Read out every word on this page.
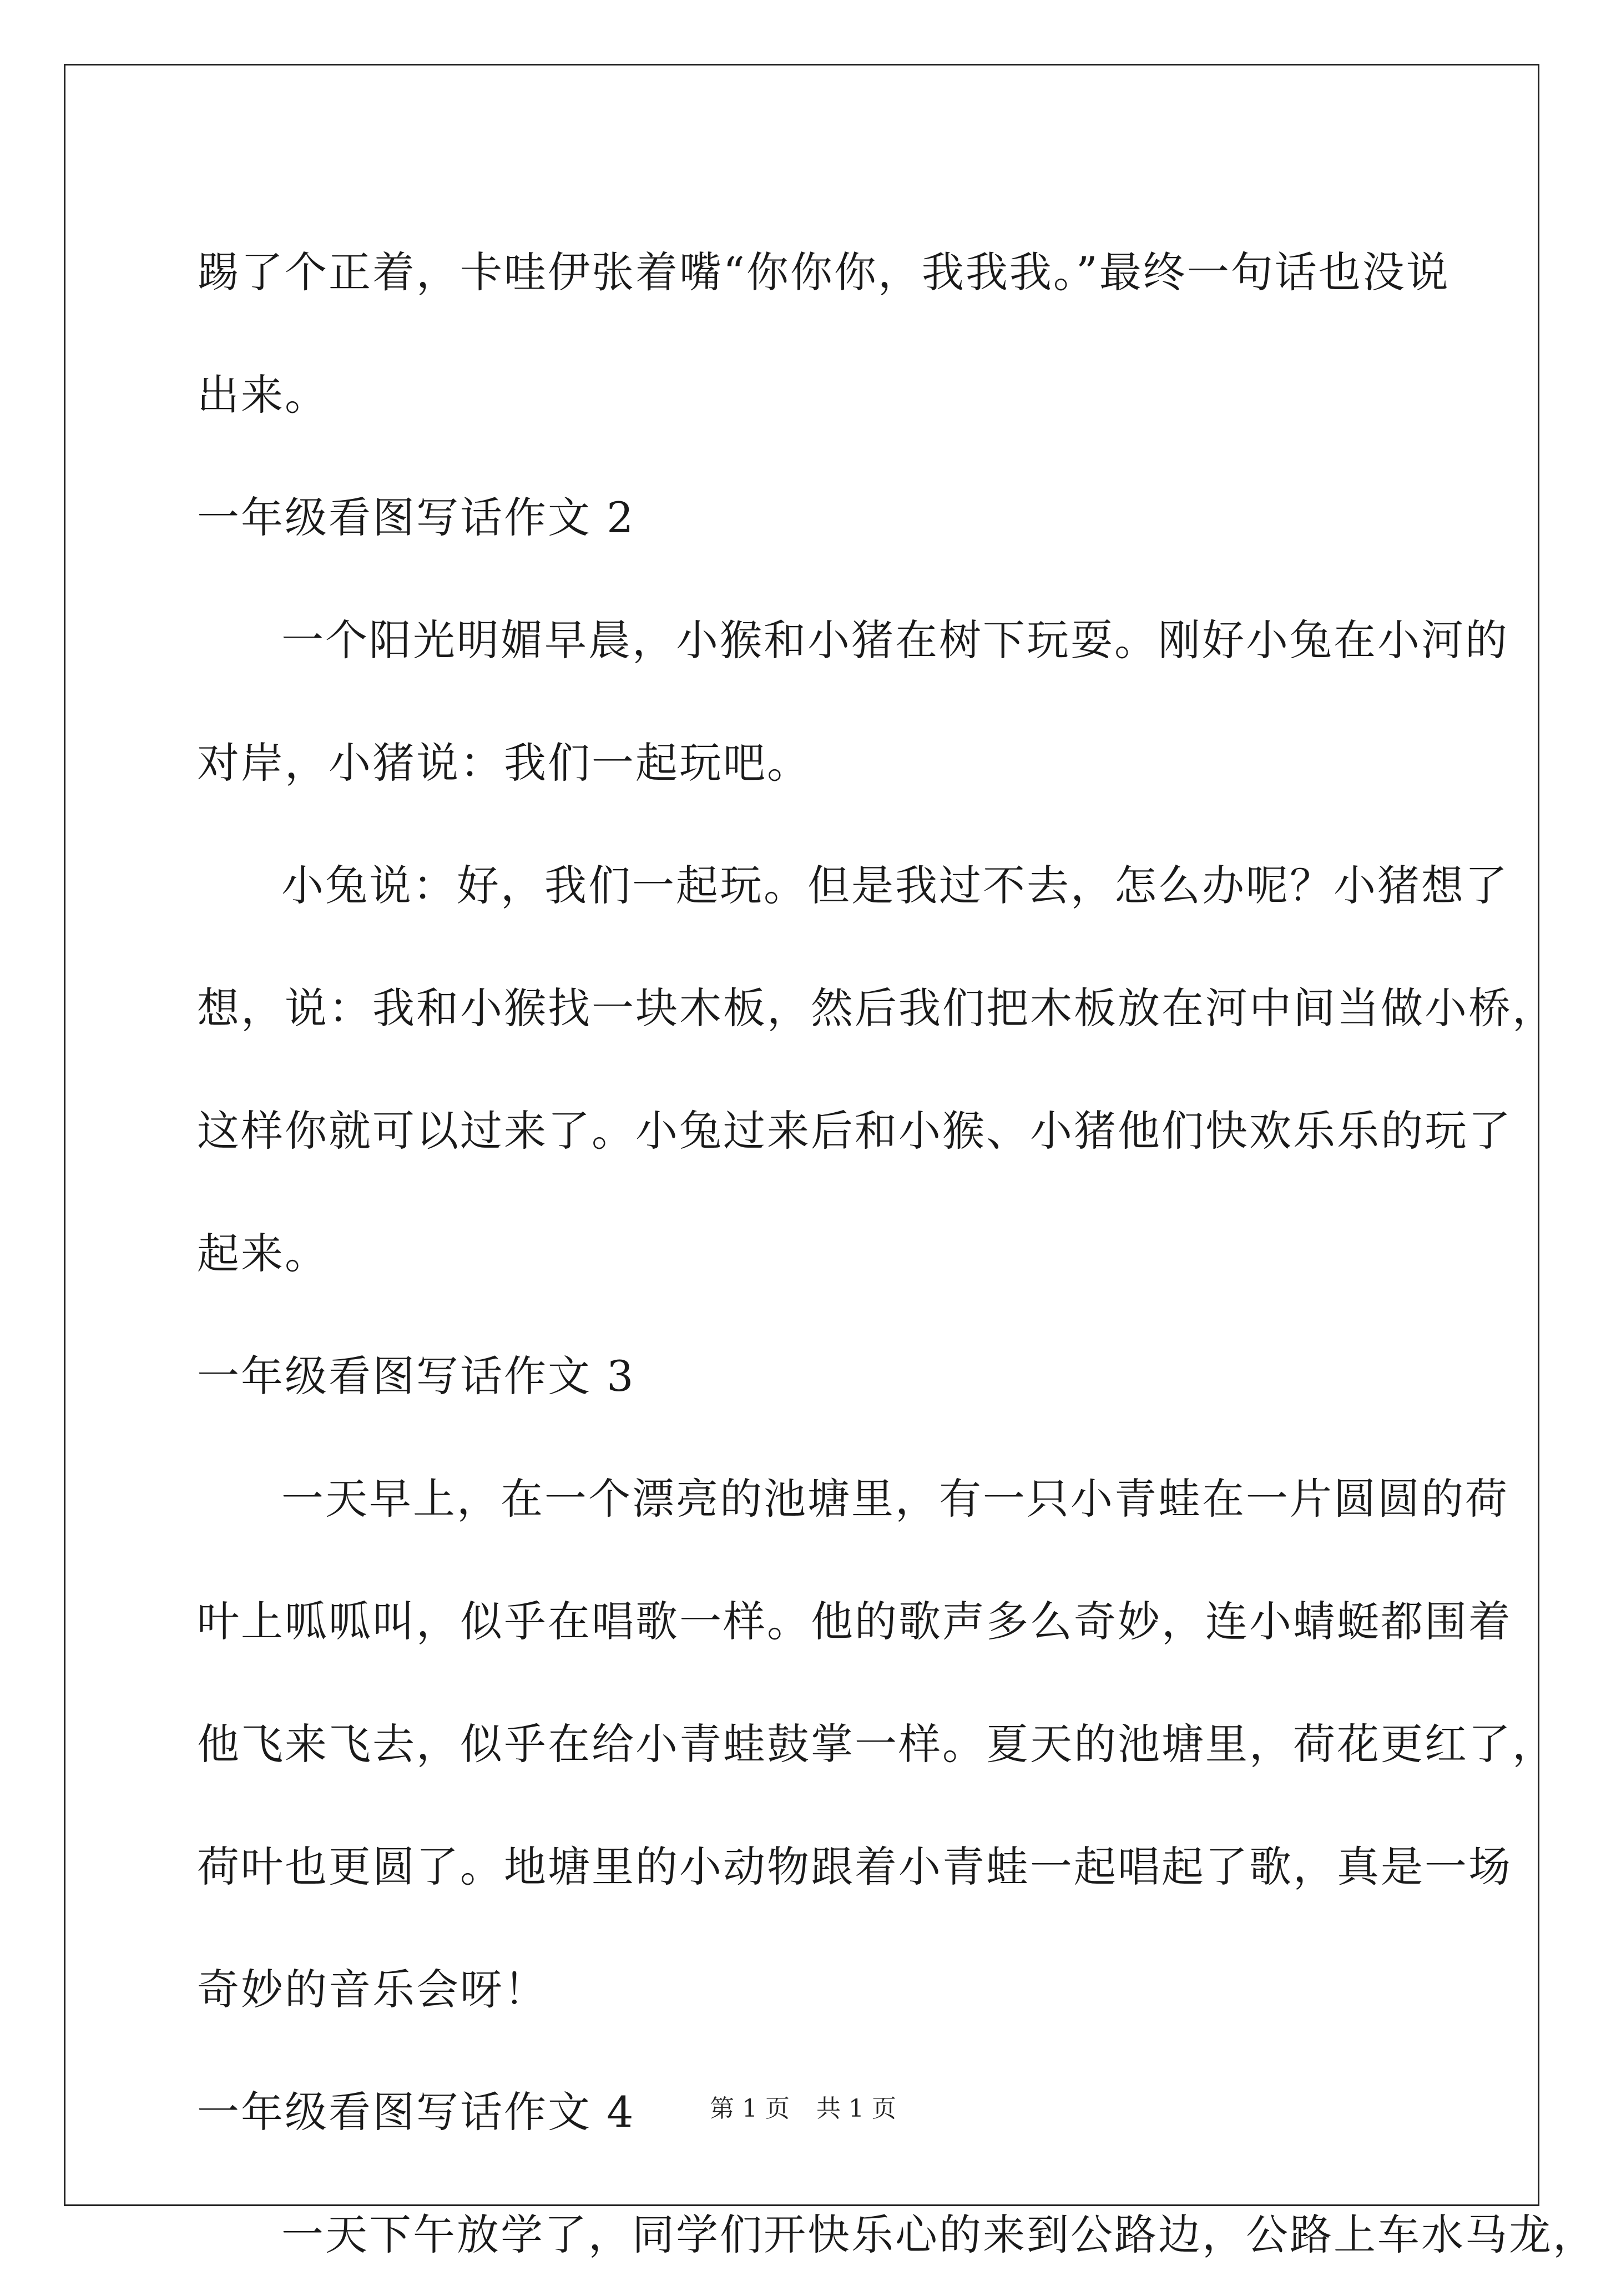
踢了个正着，卡哇伊张着嘴“你你你，我我我。”最终一句话也没说
出来。
一年级看图写话作文 2
一个阳光明媚早晨，小猴和小猪在树下玩耍。刚好小兔在小河的
对岸，小猪说：我们一起玩吧。
小兔说：好，我们一起玩。但是我过不去，怎么办呢？小猪想了
想，说：我和小猴找一块木板，然后我们把木板放在河中间当做小桥，
这样你就可以过来了。小兔过来后和小猴、小猪他们快欢乐乐的玩了
起来。
一年级看图写话作文 3
一天早上，在一个漂亮的池塘里，有一只小青蛙在一片圆圆的荷
叶上呱呱叫，似乎在唱歌一样。他的歌声多么奇妙，连小蜻蜓都围着
他飞来飞去，似乎在给小青蛙鼓掌一样。夏天的池塘里，荷花更红了，
荷叶也更圆了。地塘里的小动物跟着小青蛙一起唱起了歌，真是一场
奇妙的音乐会呀！
一年级看图写话作文 4
一天下午放学了，同学们开快乐心的来到公路边，公路上车水马龙，
第 1 页 共 1 页
